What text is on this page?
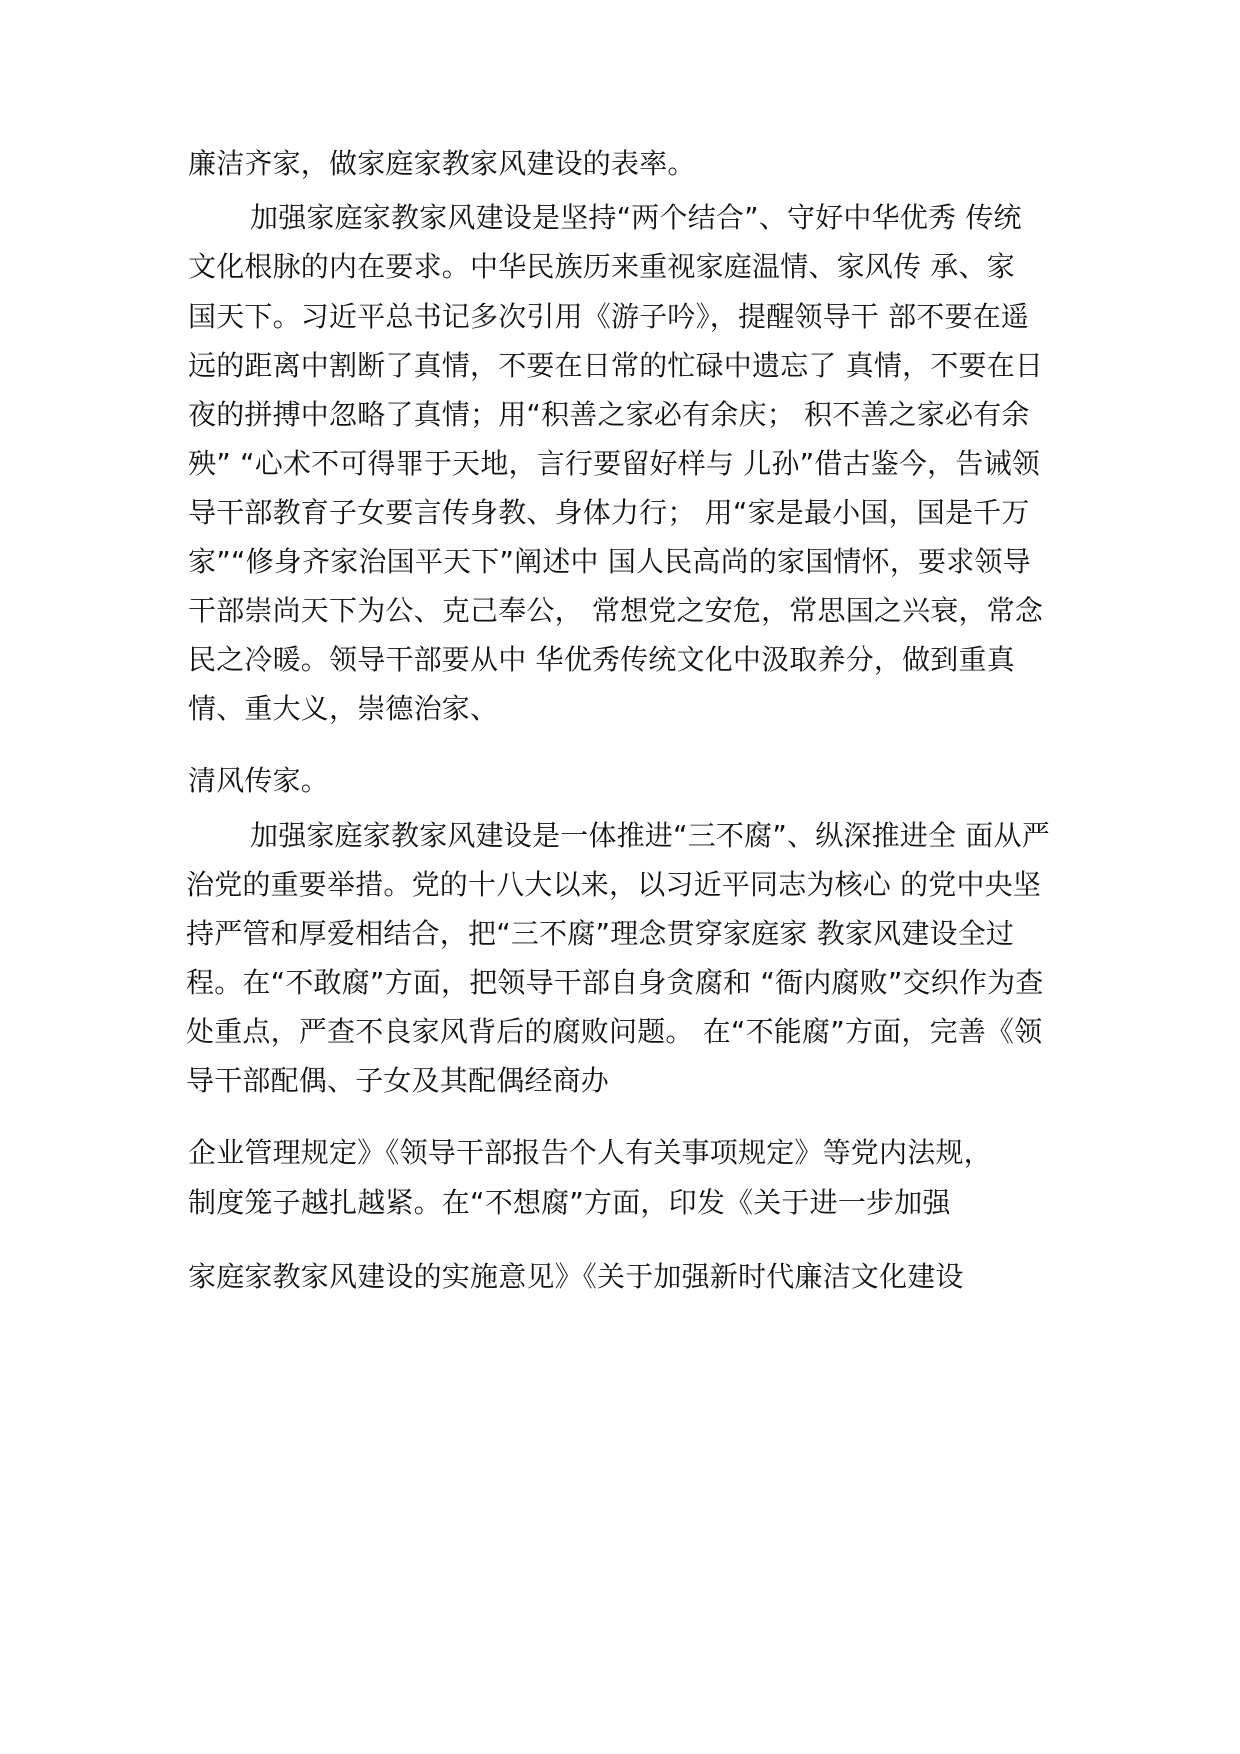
廉洁齐家，做家庭家教家风建设的表率。
加强家庭家教家风建设是坚持“两个结合”、守好中华优秀 传统
文化根脉的内在要求。中华民族历来重视家庭温情、家风传 承、家
国天下。习近平总书记多次引用《游子吟》，提醒领导干 部不要在遥
远的距离中割断了真情，不要在日常的忙碌中遗忘了 真情，不要在日
夜的拼搏中忽略了真情；用“积善之家必有余庆； 积不善之家必有余
殃” “心术不可得罪于天地，言行要留好样与 儿孙”借古鉴今，告诫领
导干部教育子女要言传身教、身体力行； 用“家是最小国，国是千万
家”“修身齐家治国平天下”阐述中 国人民高尚的家国情怀，要求领导
干部崇尚天下为公、克己奉公， 常想党之安危，常思国之兴衰，常念
民之冷暖。领导干部要从中 华优秀传统文化中汲取养分，做到重真
情、重大义，崇德治家、
清风传家。
加强家庭家教家风建设是一体推进“三不腐”、纵深推进全 面从严
治党的重要举措。党的十八大以来，以习近平同志为核心 的党中央坚
持严管和厚爱相结合，把“三不腐”理念贯穿家庭家 教家风建设全过
程。在“不敢腐”方面，把领导干部自身贪腐和 “衙内腐败”交织作为查
处重点，严查不良家风背后的腐败问题。 在“不能腐”方面，完善《领
导干部配偶、子女及其配偶经商办
企业管理规定》《领导干部报告个人有关事项规定》等党内法规，
制度笼子越扎越紧。在“不想腐”方面，印发《关于进一步加强
家庭家教家风建设的实施意见》《关于加强新时代廉洁文化建设
